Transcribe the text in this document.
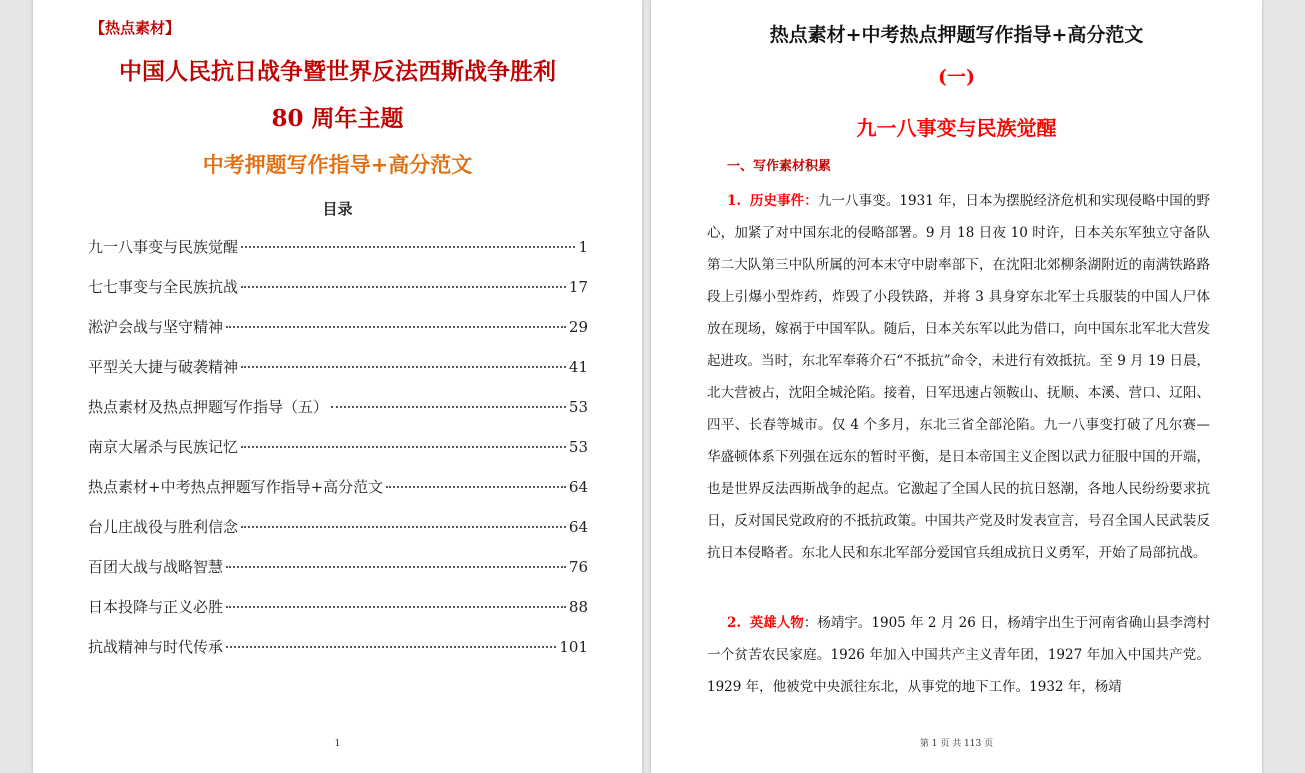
【热点素材】
中国人民抗日战争暨世界反法西斯战争胜利
80 周年主题
中考押题写作指导+高分范文
目录
九一八事变与民族觉醒	1
七七事变与全民族抗战	17
淞沪会战与坚守精神	29
平型关大捷与破袭精神	41
热点素材及热点押题写作指导（五）	53
南京大屠杀与民族记忆	53
热点素材+中考热点押题写作指导+高分范文	64
台儿庄战役与胜利信念	64
百团大战与战略智慧	76
日本投降与正义必胜	88
抗战精神与时代传承	101
1
热点素材+中考热点押题写作指导+高分范文
(一)
九一八事变与民族觉醒
一、写作素材积累
1. 历史事件：九一八事变。1931 年，日本为摆脱经济危机和实现侵略中国的野心，加紧了对中国东北的侵略部署。9 月 18 日夜 10 时许，日本关东军独立守备队第二大队第三中队所属的河本末守中尉率部下，在沈阳北郊柳条湖附近的南满铁路路段上引爆小型炸药，炸毁了小段铁路，并将 3 具身穿东北军士兵服装的中国人尸体放在现场，嫁祸于中国军队。随后，日本关东军以此为借口，向中国东北军北大营发起进攻。当时，东北军奉蒋介石“不抵抗”命令，未进行有效抵抗。至 9 月 19 日晨，北大营被占，沈阳全城沦陷。接着，日军迅速占领鞍山、抚顺、本溪、营口、辽阳、四平、长春等城市。仅 4 个多月，东北三省全部沦陷。九一八事变打破了凡尔赛—华盛顿体系下列强在远东的暂时平衡，是日本帝国主义企图以武力征服中国的开端，也是世界反法西斯战争的起点。它激起了全国人民的抗日怒潮，各地人民纷纷要求抗日，反对国民党政府的不抵抗政策。中国共产党及时发表宣言，号召全国人民武装反抗日本侵略者。东北人民和东北军部分爱国官兵组成抗日义勇军，开始了局部抗战。
2. 英雄人物：杨靖宇。1905 年 2 月 26 日，杨靖宇出生于河南省确山县李湾村一个贫苦农民家庭。1926 年加入中国共产主义青年团，1927 年加入中国共产党。1929 年，他被党中央派往东北，从事党的地下工作。1932 年，杨靖
第 1 页 共 113 页
